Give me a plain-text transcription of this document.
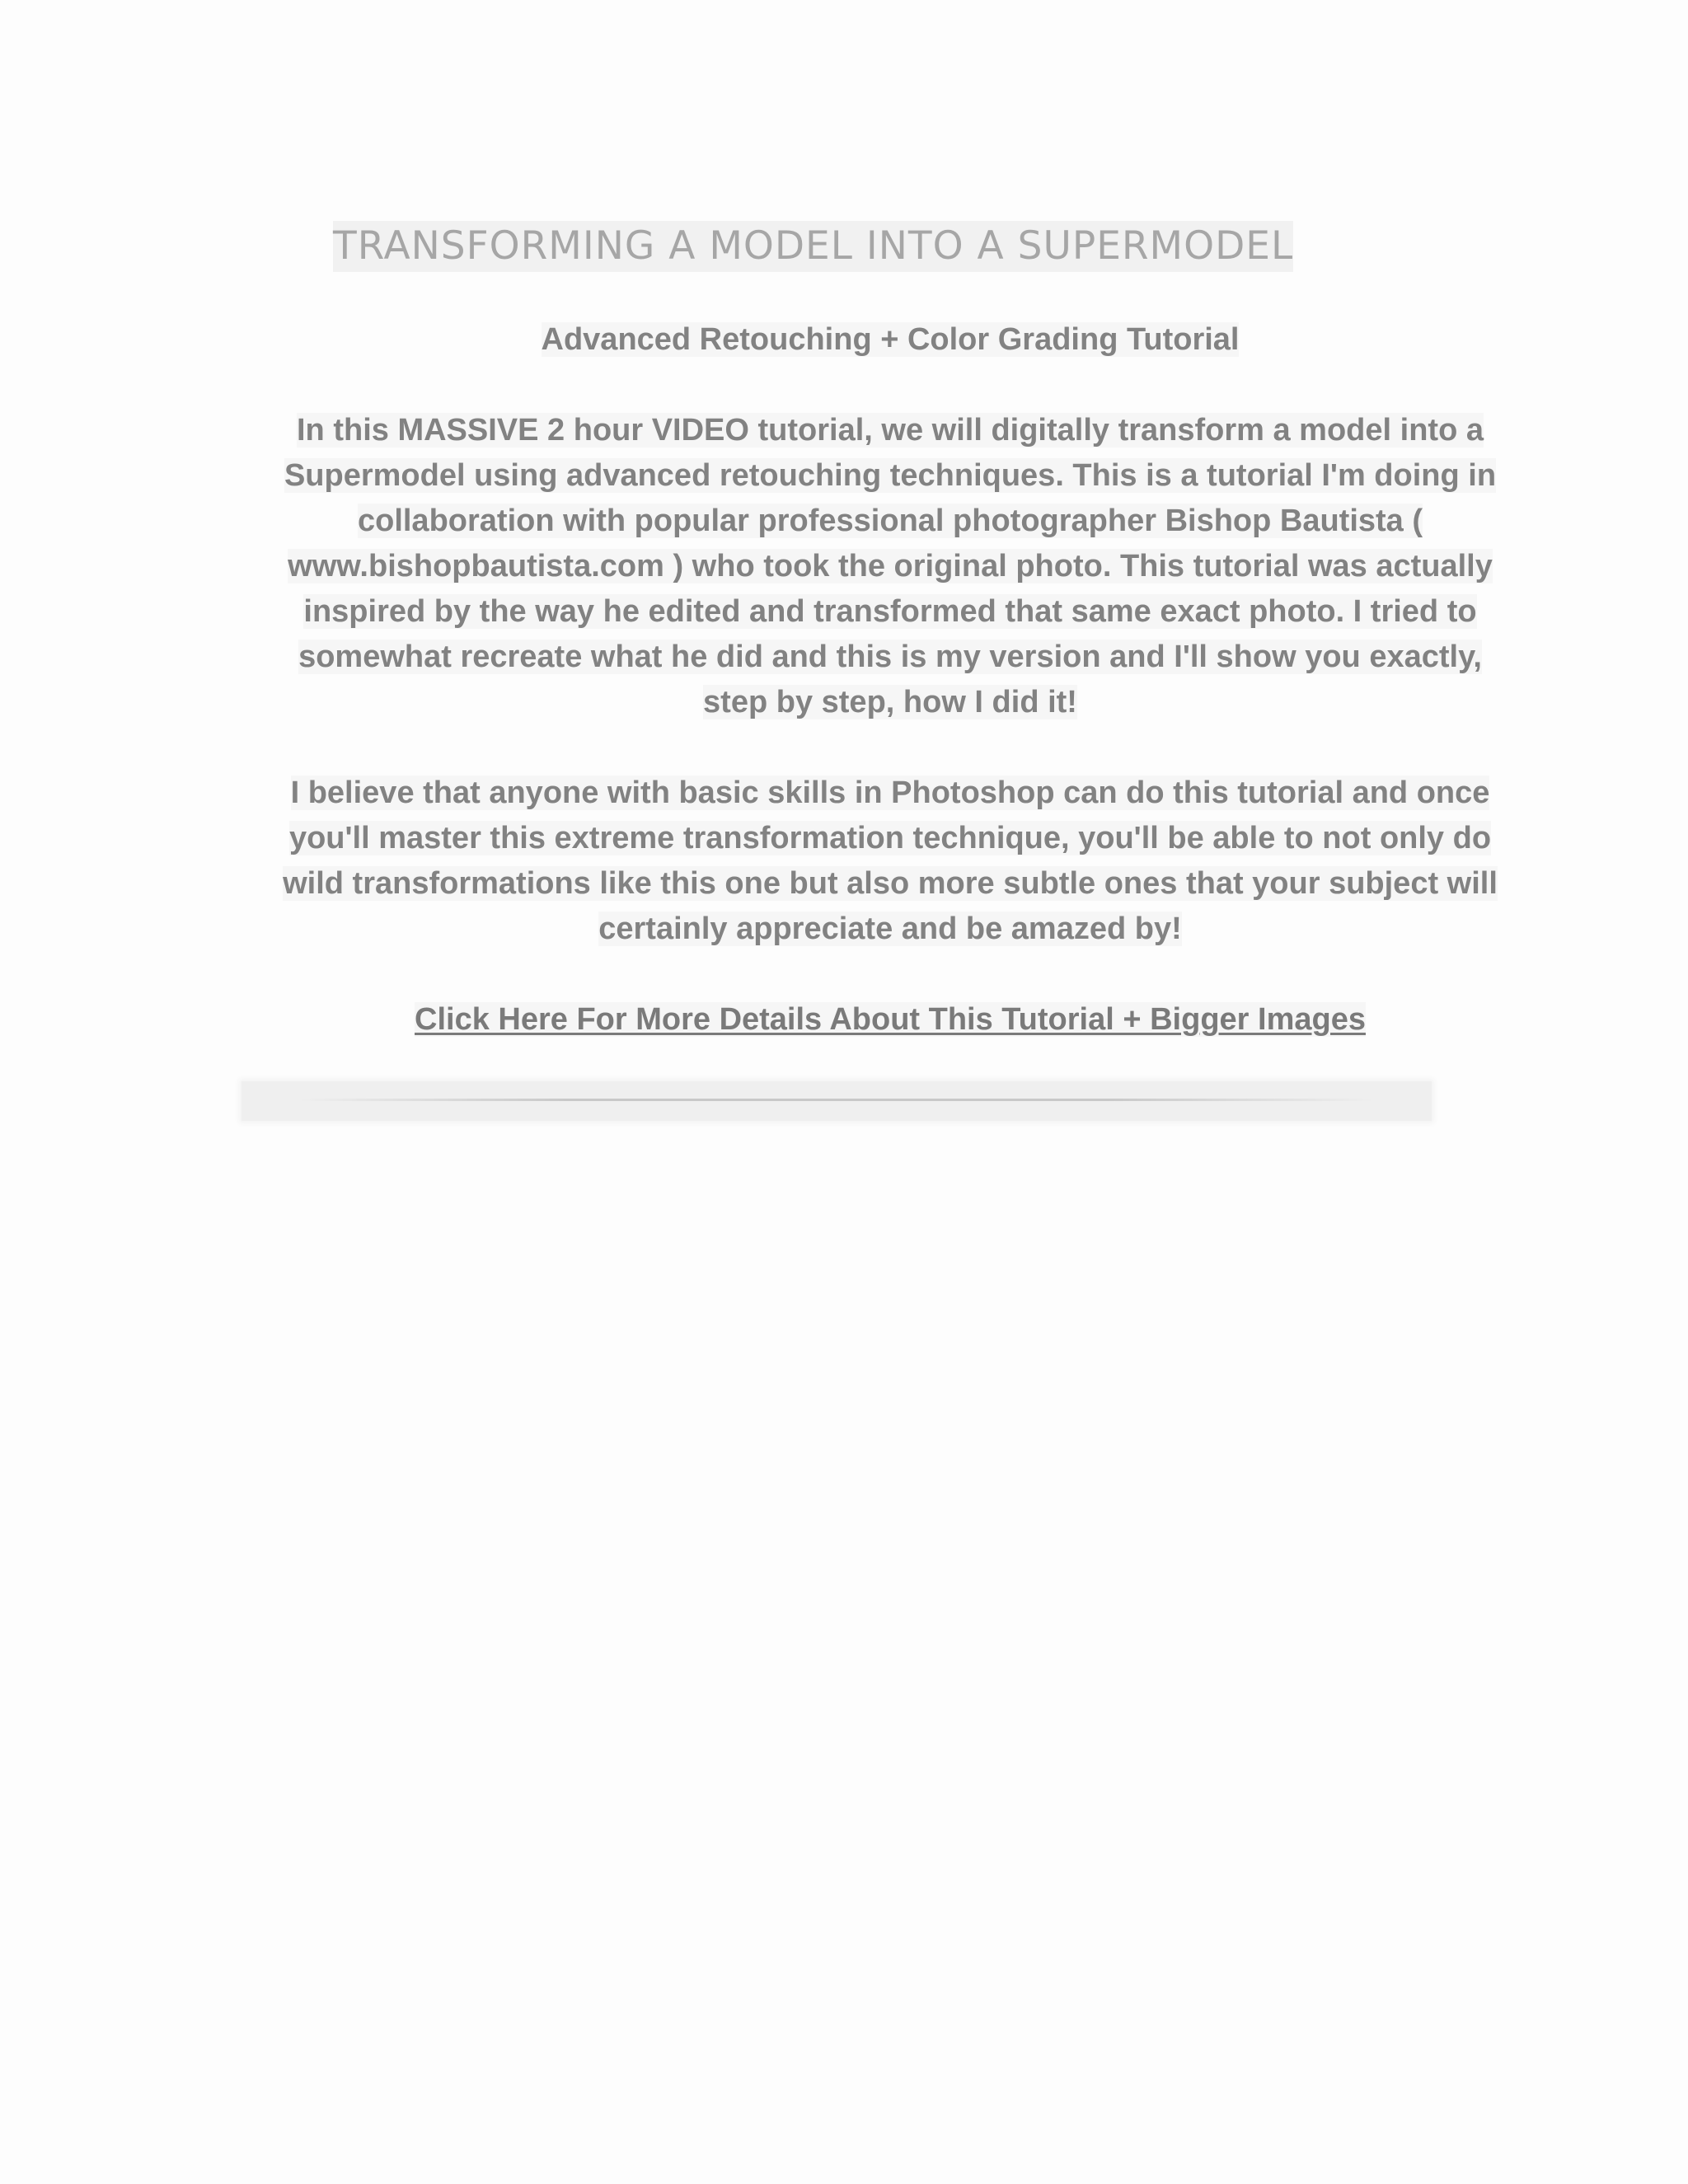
TRANSFORMING A MODEL INTO A SUPERMODEL

Advanced Retouching + Color Grading Tutorial

In this MASSIVE 2 hour VIDEO tutorial, we will digitally transform a model into a Supermodel using advanced retouching techniques. This is a tutorial I'm doing in collaboration with popular professional photographer Bishop Bautista ( www.bishopbautista.com ) who took the original photo. This tutorial was actually inspired by the way he edited and transformed that same exact photo. I tried to somewhat recreate what he did and this is my version and I'll show you exactly, step by step, how I did it!

I believe that anyone with basic skills in Photoshop can do this tutorial and once you'll master this extreme transformation technique, you'll be able to not only do wild transformations like this one but also more subtle ones that your subject will certainly appreciate and be amazed by!

Click Here For More Details About This Tutorial + Bigger Images
